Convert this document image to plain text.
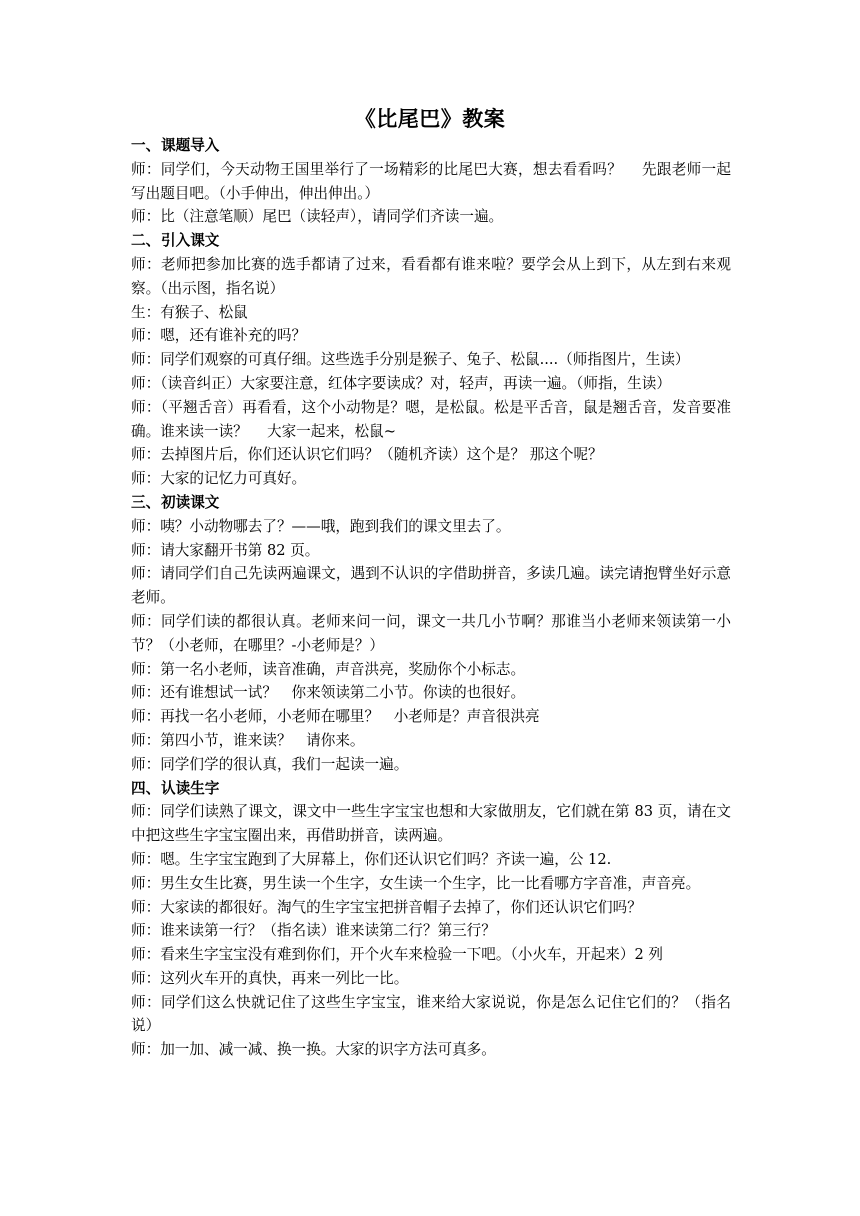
《比尾巴》教案

一、课题导入

师：同学们，今天动物王国里举行了一场精彩的比尾巴大赛，想去看看吗？　 先跟老师一起写出题目吧。（小手伸出，伸出伸出。）

师：比（注意笔顺）尾巴（读轻声），请同学们齐读一遍。

二、引入课文

师：老师把参加比赛的选手都请了过来，看看都有谁来啦？要学会从上到下，从左到右来观察。（出示图，指名说）

生：有猴子、松鼠

师：嗯，还有谁补充的吗？

师：同学们观察的可真仔细。这些选手分别是猴子、兔子、松鼠....（师指图片，生读）

师：（读音纠正）大家要注意，红体字要读成？对，轻声，再读一遍。（师指，生读）

师：（平翘舌音）再看看，这个小动物是？嗯，是松鼠。松是平舌音，鼠是翘舌音，发音要准确。谁来读一读？　 大家一起来，松鼠~

师：去掉图片后，你们还认识它们吗？（随机齐读）这个是？ 那这个呢？

师：大家的记忆力可真好。

三、初读课文

师：咦？小动物哪去了？——哦，跑到我们的课文里去了。

师：请大家翻开书第 82 页。

师：请同学们自己先读两遍课文，遇到不认识的字借助拼音，多读几遍。读完请抱臂坐好示意老师。

师：同学们读的都很认真。老师来问一问，课文一共几小节啊？那谁当小老师来领读第一小节？（小老师，在哪里？-小老师是？）

师：第一名小老师，读音准确，声音洪亮，奖励你个小标志。

师：还有谁想试一试？　你来领读第二小节。你读的也很好。

师：再找一名小老师，小老师在哪里？　小老师是？声音很洪亮

师：第四小节，谁来读？　请你来。

师：同学们学的很认真，我们一起读一遍。

四、认读生字

师：同学们读熟了课文，课文中一些生字宝宝也想和大家做朋友，它们就在第 83 页，请在文中把这些生字宝宝圈出来，再借助拼音，读两遍。

师：嗯。生字宝宝跑到了大屏幕上，你们还认识它们吗？齐读一遍，公 12.

师：男生女生比赛，男生读一个生字，女生读一个生字，比一比看哪方字音准，声音亮。

师：大家读的都很好。淘气的生字宝宝把拼音帽子去掉了，你们还认识它们吗？

师：谁来读第一行？（指名读）谁来读第二行？第三行？

师：看来生字宝宝没有难到你们，开个火车来检验一下吧。（小火车，开起来）2 列

师：这列火车开的真快，再来一列比一比。

师：同学们这么快就记住了这些生字宝宝，谁来给大家说说，你是怎么记住它们的？（指名说）

师：加一加、减一减、换一换。大家的识字方法可真多。
